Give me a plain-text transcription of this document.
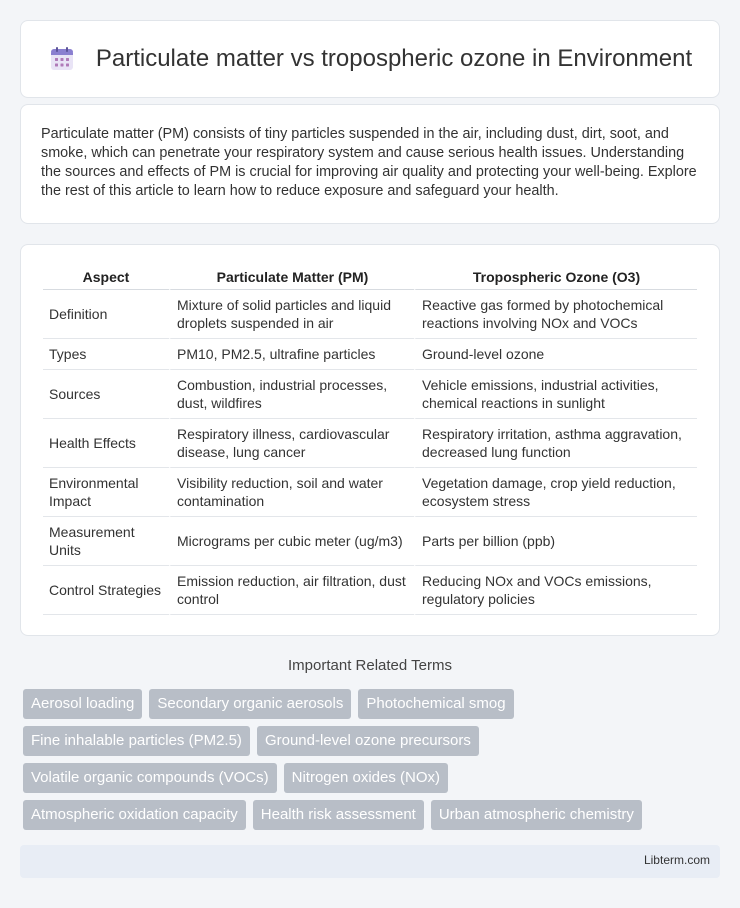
Particulate matter vs tropospheric ozone in Environment

Particulate matter (PM) consists of tiny particles suspended in the air, including dust, dirt, soot, and smoke, which can penetrate your respiratory system and cause serious health issues. Understanding the sources and effects of PM is crucial for improving air quality and protecting your well-being. Explore the rest of this article to learn how to reduce exposure and safeguard your health.

Aspect	Particulate Matter (PM)	Tropospheric Ozone (O3)
Definition	Mixture of solid particles and liquid droplets suspended in air	Reactive gas formed by photochemical reactions involving NOx and VOCs
Types	PM10, PM2.5, ultrafine particles	Ground-level ozone
Sources	Combustion, industrial processes, dust, wildfires	Vehicle emissions, industrial activities, chemical reactions in sunlight
Health Effects	Respiratory illness, cardiovascular disease, lung cancer	Respiratory irritation, asthma aggravation, decreased lung function
Environmental Impact	Visibility reduction, soil and water contamination	Vegetation damage, crop yield reduction, ecosystem stress
Measurement Units	Micrograms per cubic meter (ug/m3)	Parts per billion (ppb)
Control Strategies	Emission reduction, air filtration, dust control	Reducing NOx and VOCs emissions, regulatory policies
Important Related Terms
Aerosol loading	Secondary organic aerosols	Photochemical smog
Fine inhalable particles (PM2.5)	Ground-level ozone precursors
Volatile organic compounds (VOCs)	Nitrogen oxides (NOx)
Atmospheric oxidation capacity	Health risk assessment	Urban atmospheric chemistry
Libterm.com
